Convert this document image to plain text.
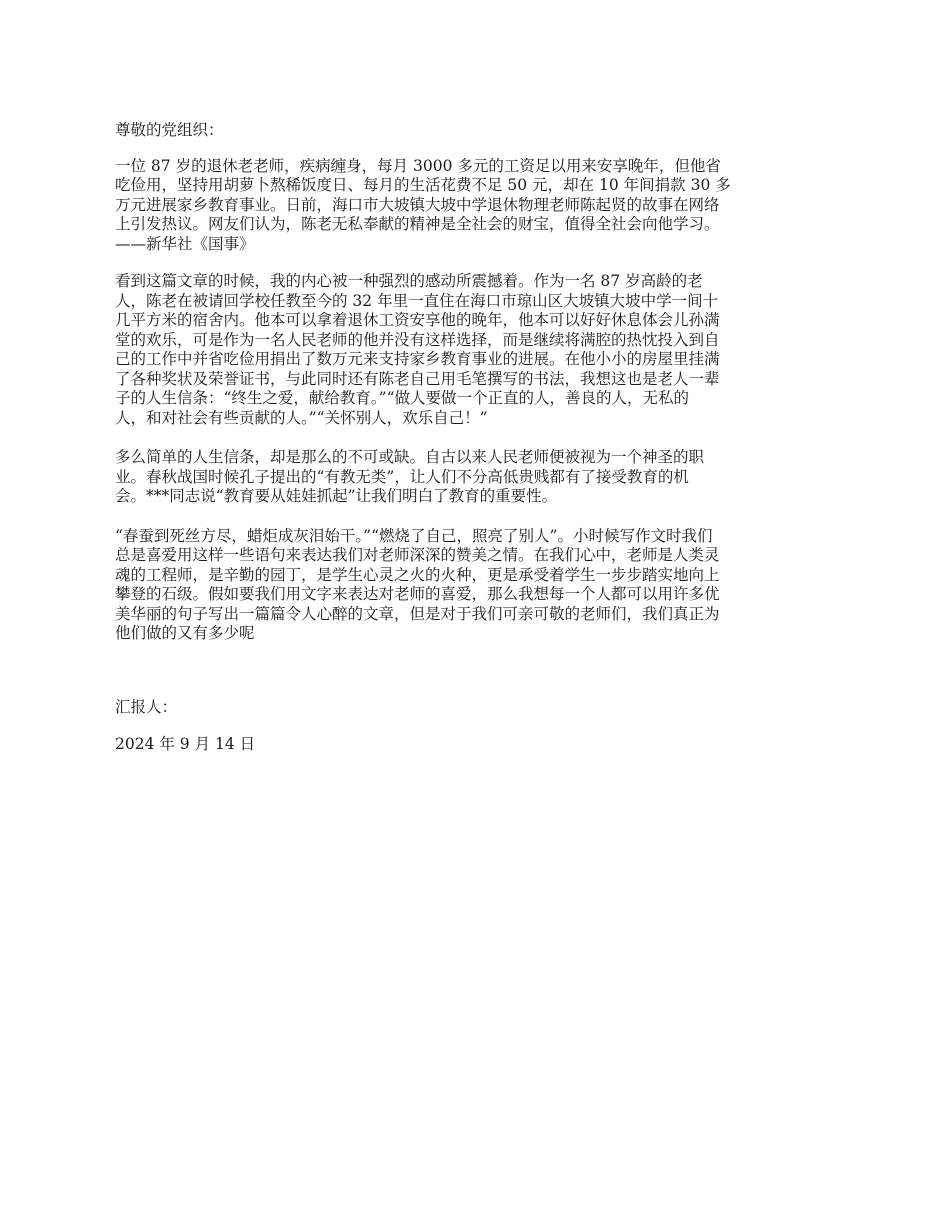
尊敬的党组织：

一位 87 岁的退休老老师，疾病缠身，每月 3000 多元的工资足以用来安享晚年，但他省
吃俭用，坚持用胡萝卜熬稀饭度日、每月的生活花费不足 50 元，却在 10 年间捐款 30 多
万元进展家乡教育事业。日前，海口市大坡镇大坡中学退休物理老师陈起贤的故事在网络
上引发热议。网友们认为，陈老无私奉献的精神是全社会的财宝，值得全社会向他学习。
——新华社《国事》

看到这篇文章的时候，我的内心被一种强烈的感动所震撼着。作为一名 87 岁高龄的老
人，陈老在被请回学校任教至今的 32 年里一直住在海口市琼山区大坡镇大坡中学一间十
几平方米的宿舍内。他本可以拿着退休工资安享他的晚年，他本可以好好休息体会儿孙满
堂的欢乐，可是作为一名人民老师的他并没有这样选择，而是继续将满腔的热忱投入到自
己的工作中并省吃俭用捐出了数万元来支持家乡教育事业的进展。在他小小的房屋里挂满
了各种奖状及荣誉证书，与此同时还有陈老自己用毛笔撰写的书法，我想这也是老人一辈
子的人生信条：“终生之爱，献给教育。”“做人要做一个正直的人，善良的人，无私的
人，和对社会有些贡献的人。”“关怀别人，欢乐自己！”

多么简单的人生信条，却是那么的不可或缺。自古以来人民老师便被视为一个神圣的职
业。春秋战国时候孔子提出的“有教无类”，让人们不分高低贵贱都有了接受教育的机
会。***同志说“教育要从娃娃抓起”让我们明白了教育的重要性。

“春蚕到死丝方尽，蜡炬成灰泪始干。”“燃烧了自己，照亮了别人”。小时候写作文时我们
总是喜爱用这样一些语句来表达我们对老师深深的赞美之情。在我们心中，老师是人类灵
魂的工程师，是辛勤的园丁，是学生心灵之火的火种，更是承受着学生一步步踏实地向上
攀登的石级。假如要我们用文字来表达对老师的喜爱，那么我想每一个人都可以用许多优
美华丽的句子写出一篇篇令人心醉的文章，但是对于我们可亲可敬的老师们，我们真正为
他们做的又有多少呢

汇报人：

2024 年 9 月 14 日
